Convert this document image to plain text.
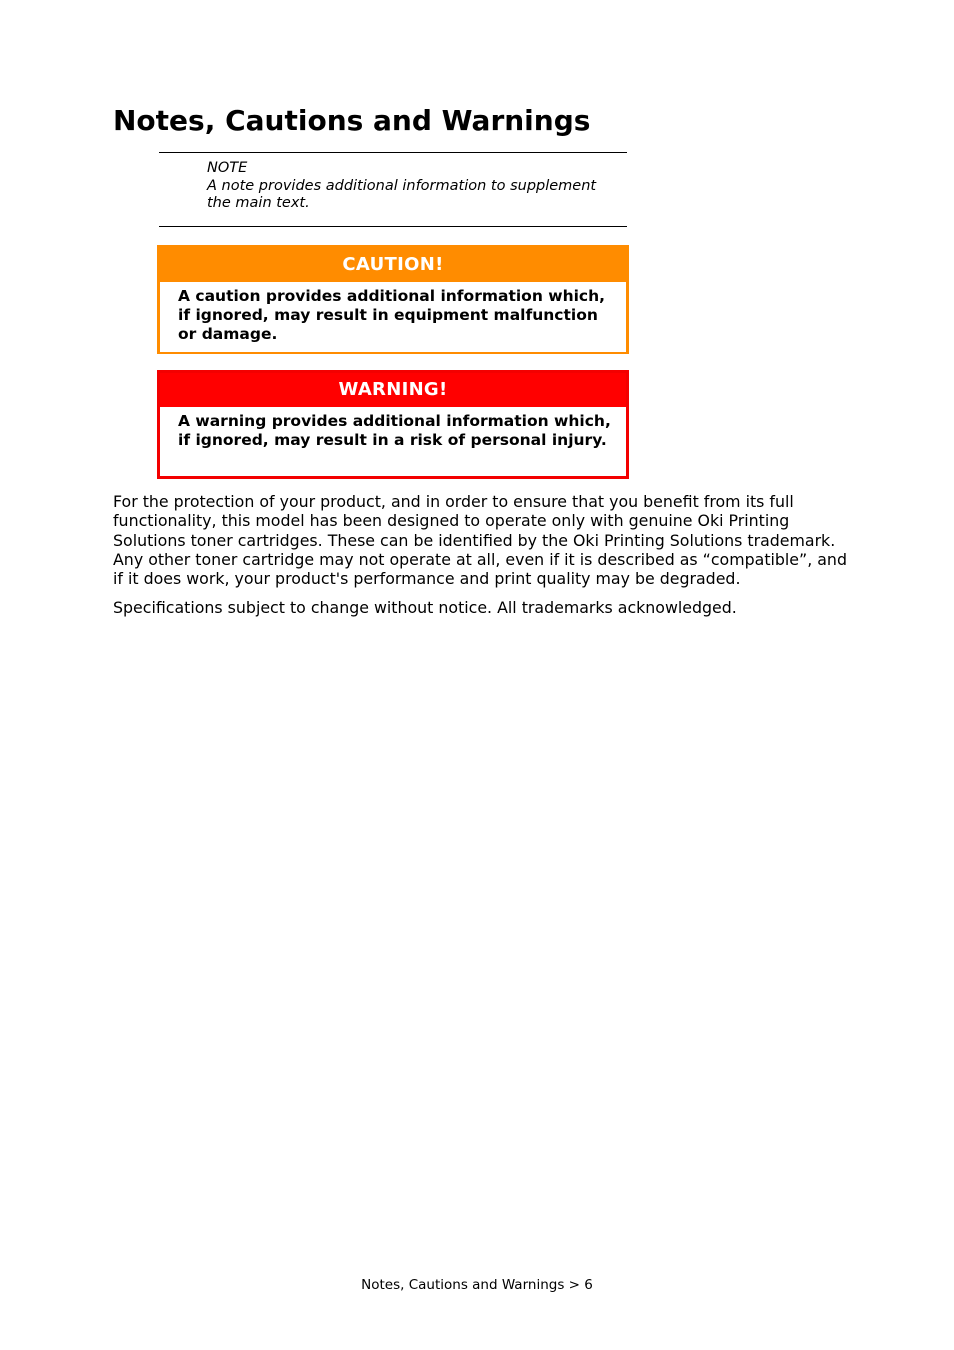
Notes, Cautions and Warnings
NOTE
A note provides additional information to supplement the main text.
CAUTION!
A caution provides additional information which, if ignored, may result in equipment malfunction or damage.
WARNING!
A warning provides additional information which, if ignored, may result in a risk of personal injury.

For the protection of your product, and in order to ensure that you benefit from its full functionality, this model has been designed to operate only with genuine Oki Printing Solutions toner cartridges. These can be identified by the Oki Printing Solutions trademark. Any other toner cartridge may not operate at all, even if it is described as “compatible”, and if it does work, your product's performance and print quality may be degraded.

Specifications subject to change without notice. All trademarks acknowledged.

Notes, Cautions and Warnings > 6
